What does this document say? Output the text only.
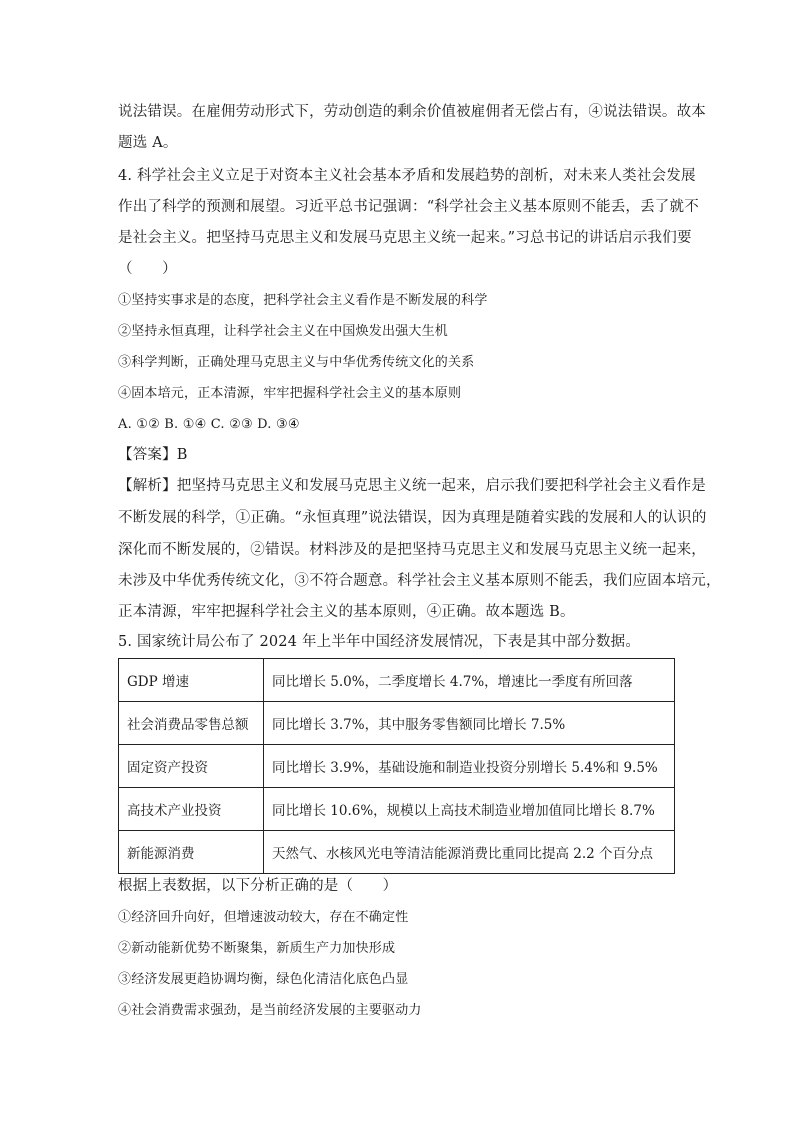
说法错误。在雇佣劳动形式下，劳动创造的剩余价值被雇佣者无偿占有，④说法错误。故本
题选 A。
4. 科学社会主义立足于对资本主义社会基本矛盾和发展趋势的剖析，对未来人类社会发展
作出了科学的预测和展望。习近平总书记强调：“科学社会主义基本原则不能丢，丢了就不
是社会主义。把坚持马克思主义和发展马克思主义统一起来。”习总书记的讲话启示我们要
（　　）
①坚持实事求是的态度，把科学社会主义看作是不断发展的科学
②坚持永恒真理，让科学社会主义在中国焕发出强大生机
③科学判断，正确处理马克思主义与中华优秀传统文化的关系
④固本培元，正本清源，牢牢把握科学社会主义的基本原则
A. ①② B. ①④ C. ②③ D. ③④
【答案】B
【解析】把坚持马克思主义和发展马克思主义统一起来，启示我们要把科学社会主义看作是
不断发展的科学，①正确。“永恒真理”说法错误，因为真理是随着实践的发展和人的认识的
深化而不断发展的，②错误。材料涉及的是把坚持马克思主义和发展马克思主义统一起来，
未涉及中华优秀传统文化，③不符合题意。科学社会主义基本原则不能丢，我们应固本培元，
正本清源，牢牢把握科学社会主义的基本原则，④正确。故本题选 B。
5. 国家统计局公布了 2024 年上半年中国经济发展情况，下表是其中部分数据。
GDP 增速	同比增长 5.0%，二季度增长 4.7%，增速比一季度有所回落
社会消费品零售总额	同比增长 3.7%，其中服务零售额同比增长 7.5%
固定资产投资	同比增长 3.9%，基础设施和制造业投资分别增长 5.4%和 9.5%
高技术产业投资	同比增长 10.6%，规模以上高技术制造业增加值同比增长 8.7%
新能源消费	天然气、水核风光电等清洁能源消费比重同比提高 2.2 个百分点
根据上表数据，以下分析正确的是（　　）
①经济回升向好，但增速波动较大，存在不确定性
②新动能新优势不断聚集，新质生产力加快形成
③经济发展更趋协调均衡，绿色化清洁化底色凸显
④社会消费需求强劲，是当前经济发展的主要驱动力
